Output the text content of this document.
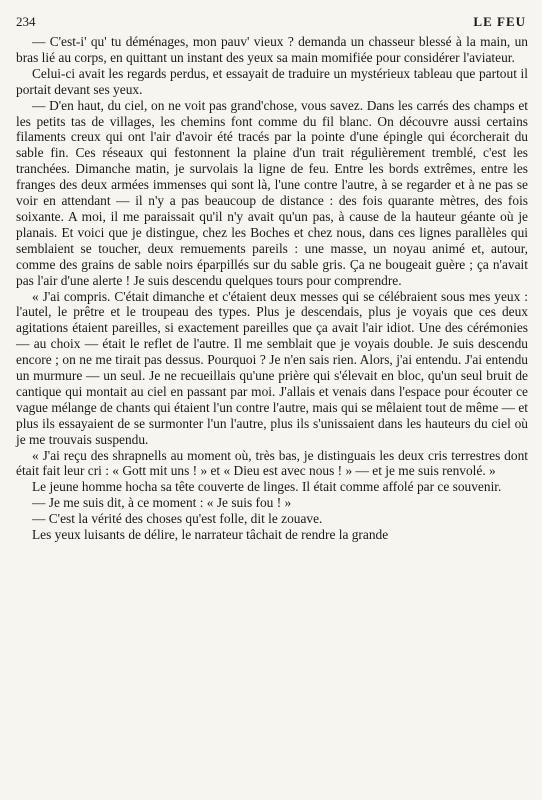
234	LE FEU

— C'est-i' qu' tu déménages, mon pauv' vieux ? demanda un chasseur blessé à la main, un bras lié au corps, en quittant un instant des yeux sa main momifiée pour considérer l'aviateur.

Celui-ci avait les regards perdus, et essayait de traduire un mystérieux tableau que partout il portait devant ses yeux.

— D'en haut, du ciel, on ne voit pas grand'chose, vous savez. Dans les carrés des champs et les petits tas de villages, les chemins font comme du fil blanc. On découvre aussi certains filaments creux qui ont l'air d'avoir été tracés par la pointe d'une épingle qui écorcherait du sable fin. Ces réseaux qui festonnent la plaine d'un trait régulièrement tremblé, c'est les tranchées. Dimanche matin, je survolais la ligne de feu. Entre les bords extrêmes, entre les franges des deux armées immenses qui sont là, l'une contre l'autre, à se regarder et à ne pas se voir en attendant — il n'y a pas beaucoup de distance : des fois quarante mètres, des fois soixante. A moi, il me paraissait qu'il n'y avait qu'un pas, à cause de la hauteur géante où je planais. Et voici que je distingue, chez les Boches et chez nous, dans ces lignes parallèles qui semblaient se toucher, deux remuements pareils : une masse, un noyau animé et, autour, comme des grains de sable noirs éparpillés sur du sable gris. Ça ne bougeait guère ; ça n'avait pas l'air d'une alerte ! Je suis descendu quelques tours pour comprendre.

« J'ai compris. C'était dimanche et c'étaient deux messes qui se célébraient sous mes yeux : l'autel, le prêtre et le troupeau des types. Plus je descendais, plus je voyais que ces deux agitations étaient pareilles, si exactement pareilles que ça avait l'air idiot. Une des cérémonies — au choix — était le reflet de l'autre. Il me semblait que je voyais double. Je suis descendu encore ; on ne me tirait pas dessus. Pourquoi ? Je n'en sais rien. Alors, j'ai entendu. J'ai entendu un murmure — un seul. Je ne recueillais qu'une prière qui s'élevait en bloc, qu'un seul bruit de cantique qui montait au ciel en passant par moi. J'allais et venais dans l'espace pour écouter ce vague mélange de chants qui étaient l'un contre l'autre, mais qui se mêlaient tout de même — et plus ils essayaient de se surmonter l'un l'autre, plus ils s'unissaient dans les hauteurs du ciel où je me trouvais suspendu.

« J'ai reçu des shrapnells au moment où, très bas, je distinguais les deux cris terrestres dont était fait leur cri : « Gott mit uns ! » et « Dieu est avec nous ! » — et je me suis renvolé. »

Le jeune homme hocha sa tête couverte de linges. Il était comme affolé par ce souvenir.

— Je me suis dit, à ce moment : « Je suis fou ! »

— C'est la vérité des choses qu'est folle, dit le zouave.

Les yeux luisants de délire, le narrateur tâchait de rendre la grande
